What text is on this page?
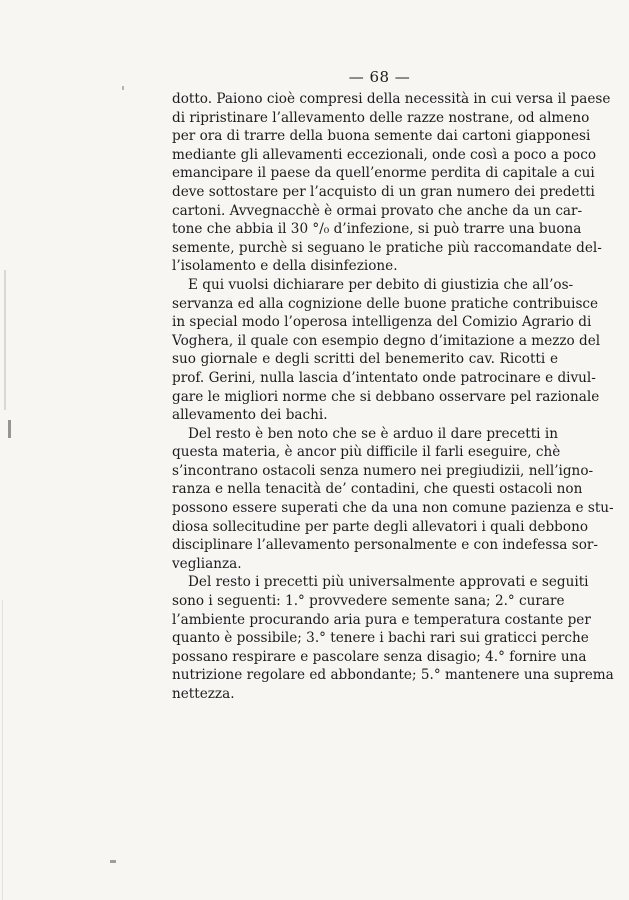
— 68 —

dotto. Paiono cioè compresi della necessità in cui versa il paese
di ripristinare l’allevamento delle razze nostrane, od almeno
per ora di trarre della buona semente dai cartoni giapponesi
mediante gli allevamenti eccezionali, onde così a poco a poco
emancipare il paese da quell’enorme perdita di capitale a cui
deve sottostare per l’acquisto di un gran numero dei predetti
cartoni. Avvegnacchè è ormai provato che anche da un car-
tone che abbia il 30 °/₀ d’infezione, si può trarre una buona
semente, purchè si seguano le pratiche più raccomandate del-
l’isolamento e della disinfezione.

E qui vuolsi dichiarare per debito di giustizia che all’os-
servanza ed alla cognizione delle buone pratiche contribuisce
in special modo l’operosa intelligenza del Comizio Agrario di
Voghera, il quale con esempio degno d’imitazione a mezzo del
suo giornale e degli scritti del benemerito cav. Ricotti e
prof. Gerini, nulla lascia d’intentato onde patrocinare e divul-
gare le migliori norme che si debbano osservare pel razionale
allevamento dei bachi.

Del resto è ben noto che se è arduo il dare precetti in
questa materia, è ancor più difficile il farli eseguire, chè
s’incontrano ostacoli senza numero nei pregiudizii, nell’igno-
ranza e nella tenacità de’ contadini, che questi ostacoli non
possono essere superati che da una non comune pazienza e stu-
diosa sollecitudine per parte degli allevatori i quali debbono
disciplinare l’allevamento personalmente e con indefessa sor-
veglianza.

Del resto i precetti più universalmente approvati e seguiti
sono i seguenti: 1.° provvedere semente sana; 2.° curare
l’ambiente procurando aria pura e temperatura costante per
quanto è possibile; 3.° tenere i bachi rari sui graticci perche
possano respirare e pascolare senza disagio; 4.° fornire una
nutrizione regolare ed abbondante; 5.° mantenere una suprema
nettezza.
